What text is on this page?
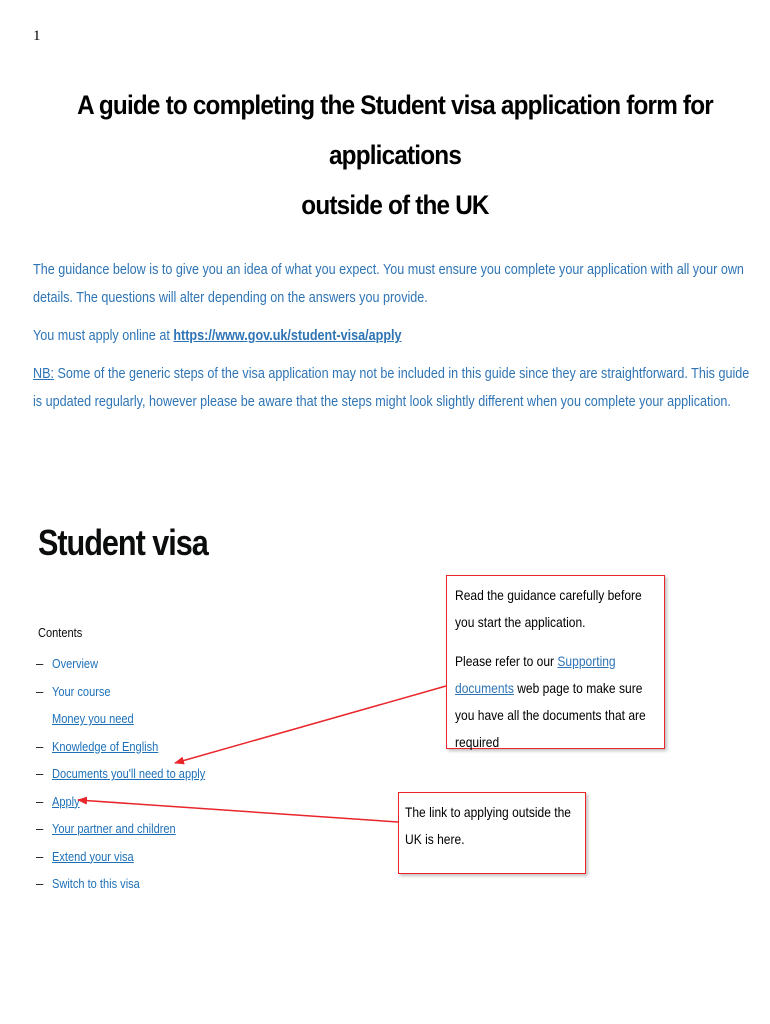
1
A guide to completing the Student visa application form for applications
outside of the UK

The guidance below is to give you an idea of what you expect. You must ensure you complete your application with all your own details. The questions will alter depending on the answers you provide.

You must apply online at https://www.gov.uk/student-visa/apply

NB: Some of the generic steps of the visa application may not be included in this guide since they are straightforward. This guide is updated regularly, however please be aware that the steps might look slightly different when you complete your application.

Student visa
Contents
– Overview
– Your course
Money you need
– Knowledge of English
– Documents you'll need to apply
– Apply
– Your partner and children
– Extend your visa
– Switch to this visa

Read the guidance carefully before you start the application.

Please refer to our Supporting documents web page to make sure you have all the documents that are required

The link to applying outside the UK is here.
